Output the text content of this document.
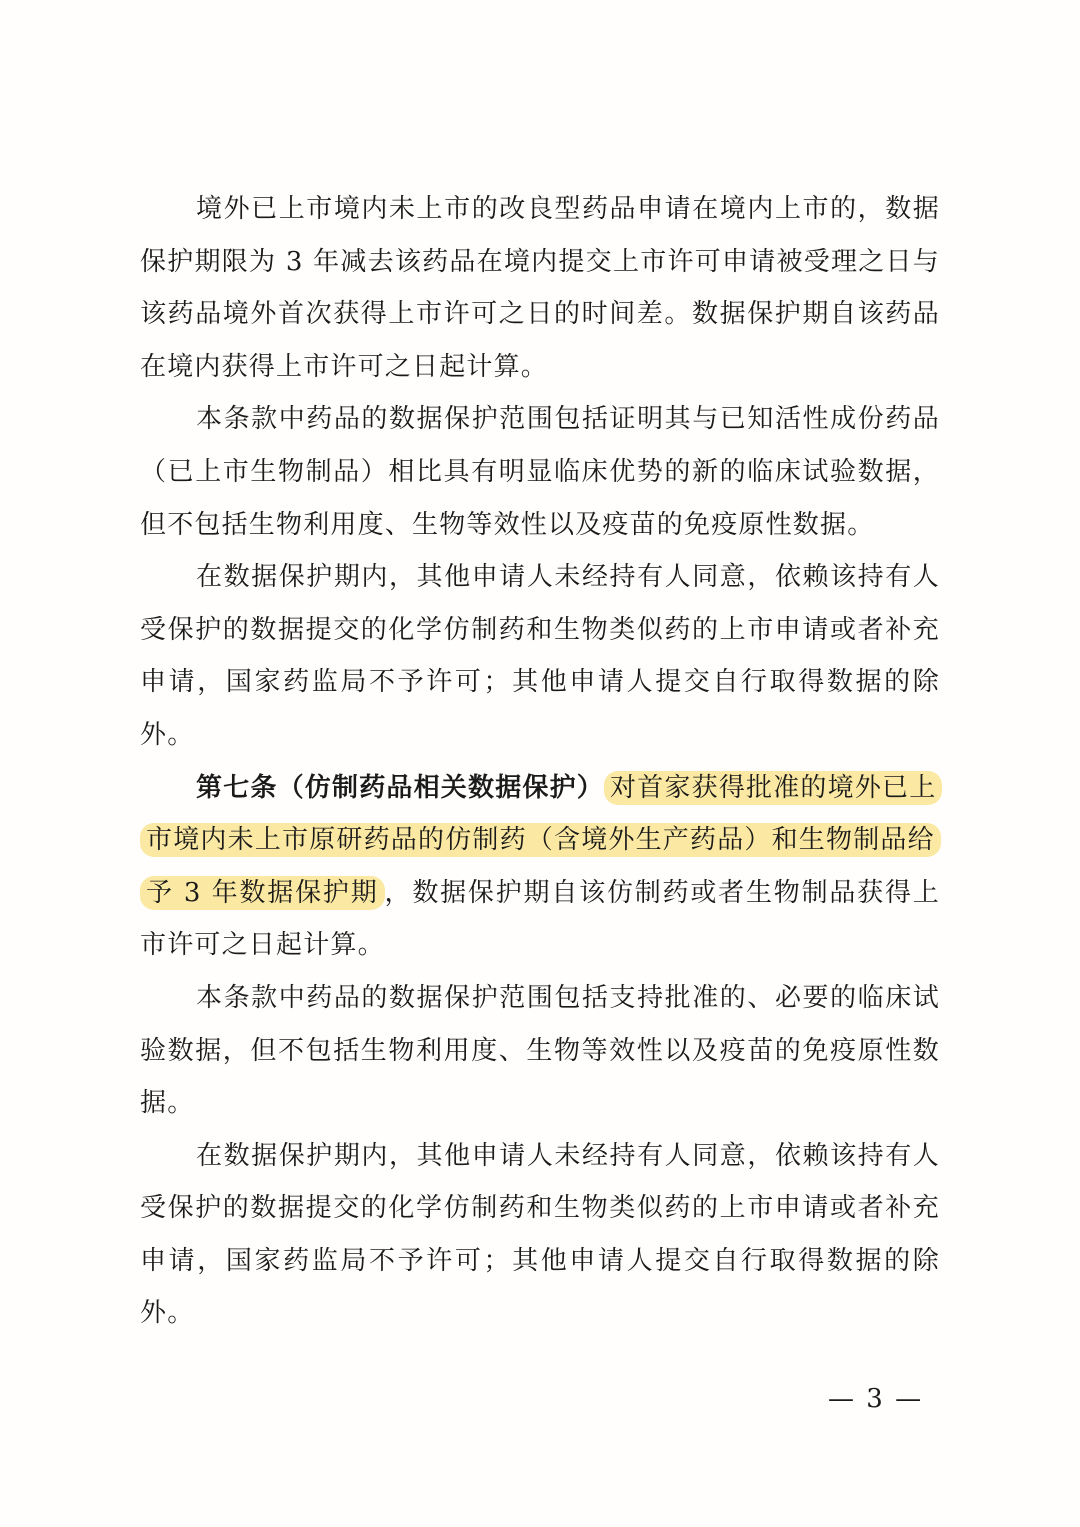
境外已上市境内未上市的改良型药品申请在境内上市的，数据保护期限为 3 年减去该药品在境内提交上市许可申请被受理之日与该药品境外首次获得上市许可之日的时间差。数据保护期自该药品在境内获得上市许可之日起计算。

本条款中药品的数据保护范围包括证明其与已知活性成份药品（已上市生物制品）相比具有明显临床优势的新的临床试验数据，但不包括生物利用度、生物等效性以及疫苗的免疫原性数据。

在数据保护期内，其他申请人未经持有人同意，依赖该持有人受保护的数据提交的化学仿制药和生物类似药的上市申请或者补充申请，国家药监局不予许可；其他申请人提交自行取得数据的除外。

第七条（仿制药品相关数据保护） 对首家获得批准的境外已上市境内未上市原研药品的仿制药（含境外生产药品）和生物制品给予 3 年数据保护期 ，数据保护期自该仿制药或者生物制品获得上市许可之日起计算。

本条款中药品的数据保护范围包括支持批准的、必要的临床试验数据，但不包括生物利用度、生物等效性以及疫苗的免疫原性数据。

在数据保护期内，其他申请人未经持有人同意，依赖该持有人受保护的数据提交的化学仿制药和生物类似药的上市申请或者补充申请，国家药监局不予许可；其他申请人提交自行取得数据的除外。

— 3 —
